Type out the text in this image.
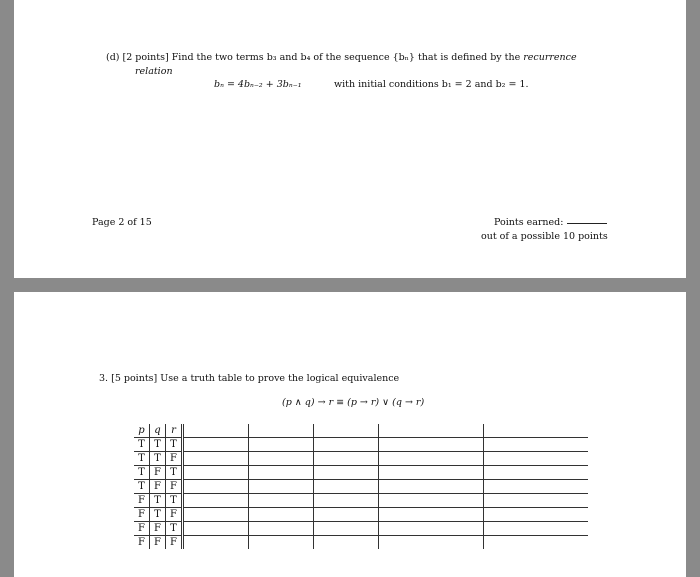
(d) [2 points] Find the two terms b₃ and b₄ of the sequence {bₙ} that is defined by the recurrence
relation
bₙ = 4bₙ₋₂ + 3bₙ₋₁	with initial conditions b₁ = 2 and b₂ = 1.
Page 2 of 15	Points earned:
out of a possible 10 points
3. [5 points] Use a truth table to prove the logical equivalence
(p ∧ q) → r ≡ (p → r) ∨ (q → r)
p	q	r					
T	T	T					
T	T	F					
T	F	T					
T	F	F					
F	T	T					
F	T	F					
F	F	T					
F	F	F					
